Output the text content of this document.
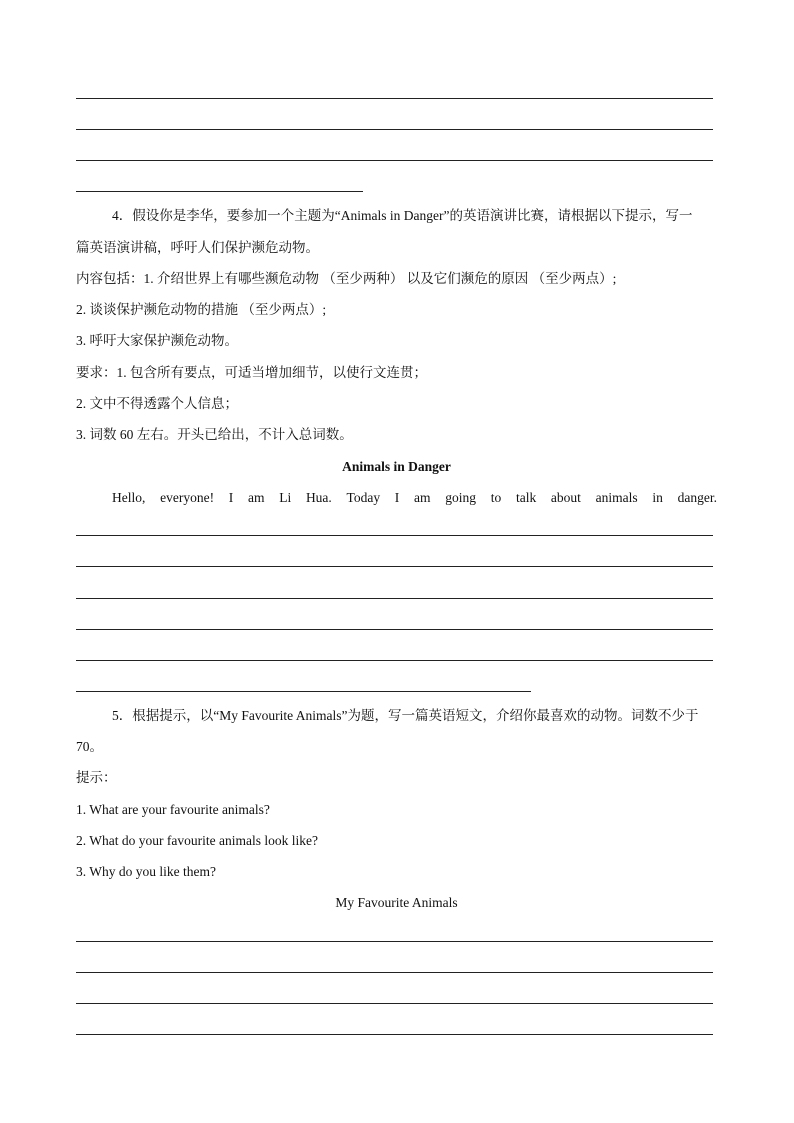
4．假设你是李华，要参加一个主题为“Animals in Danger”的英语演讲比赛，请根据以下提示，写一
篇英语演讲稿，呼吁人们保护濒危动物。
内容包括：1. 介绍世界上有哪些濒危动物 （至少两种） 以及它们濒危的原因 （至少两点）;
2. 谈谈保护濒危动物的措施 （至少两点）;
3. 呼吁大家保护濒危动物。
要求：1. 包含所有要点，可适当增加细节，以使行文连贯；
2. 文中不得透露个人信息；
3. 词数 60 左右。开头已给出，不计入总词数。
Animals in Danger
Hello, everyone! I am Li Hua. Today I am going to talk about animals in danger.
5．根据提示，以“My Favourite Animals”为题，写一篇英语短文，介绍你最喜欢的动物。词数不少于
70。
提示：
1. What are your favourite animals?
2. What do your favourite animals look like?
3. Why do you like them?
My Favourite Animals
